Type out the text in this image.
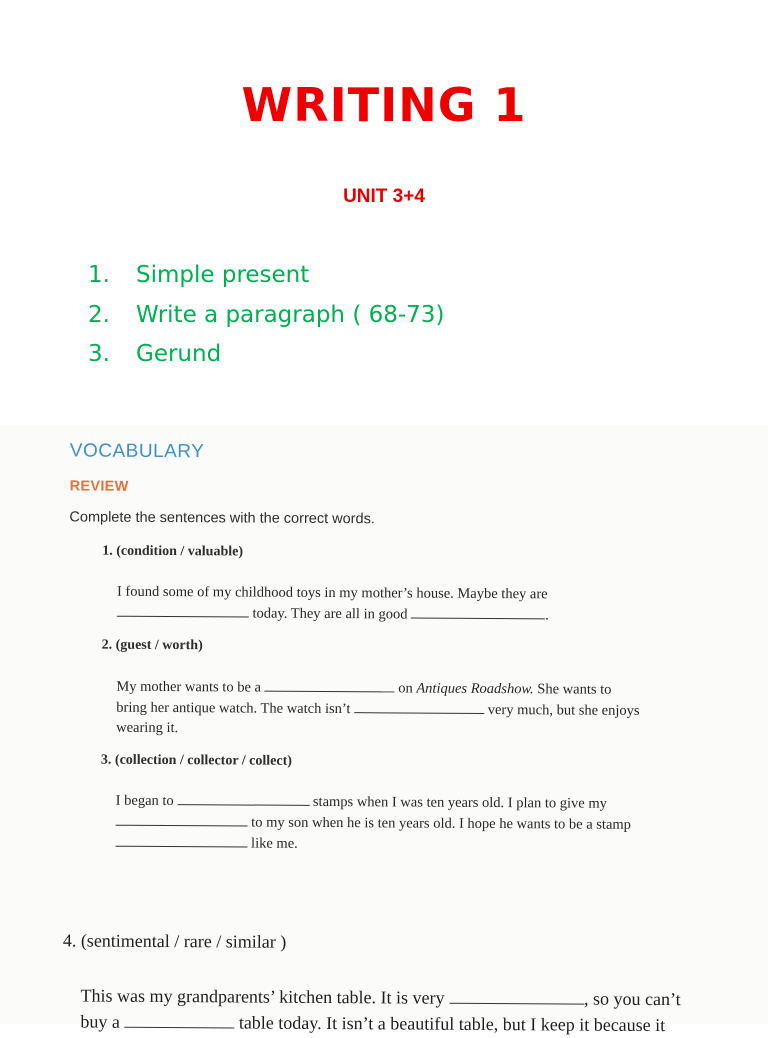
WRITING 1
UNIT 3+4
1. Simple present
2. Write a paragraph ( 68-73)
3. Gerund
VOCABULARY
REVIEW
Complete the sentences with the correct words.
1. (condition / valuable)
I found some of my childhood toys in my mother’s house. Maybe they are
today. They are all in good	.
2. (guest / worth)
My mother wants to be a	on Antiques Roadshow. She wants to
bring her antique watch. The watch isn’t	very much, but she enjoys
wearing it.
3. (collection / collector / collect)
I began to	stamps when I was ten years old. I plan to give my
to my son when he is ten years old. I hope he wants to be a stamp
like me.
4. (sentimental / rare / similar )
This was my grandparents’ kitchen table. It is very	, so you can’t
buy a	table today. It isn’t a beautiful table, but I keep it because it
